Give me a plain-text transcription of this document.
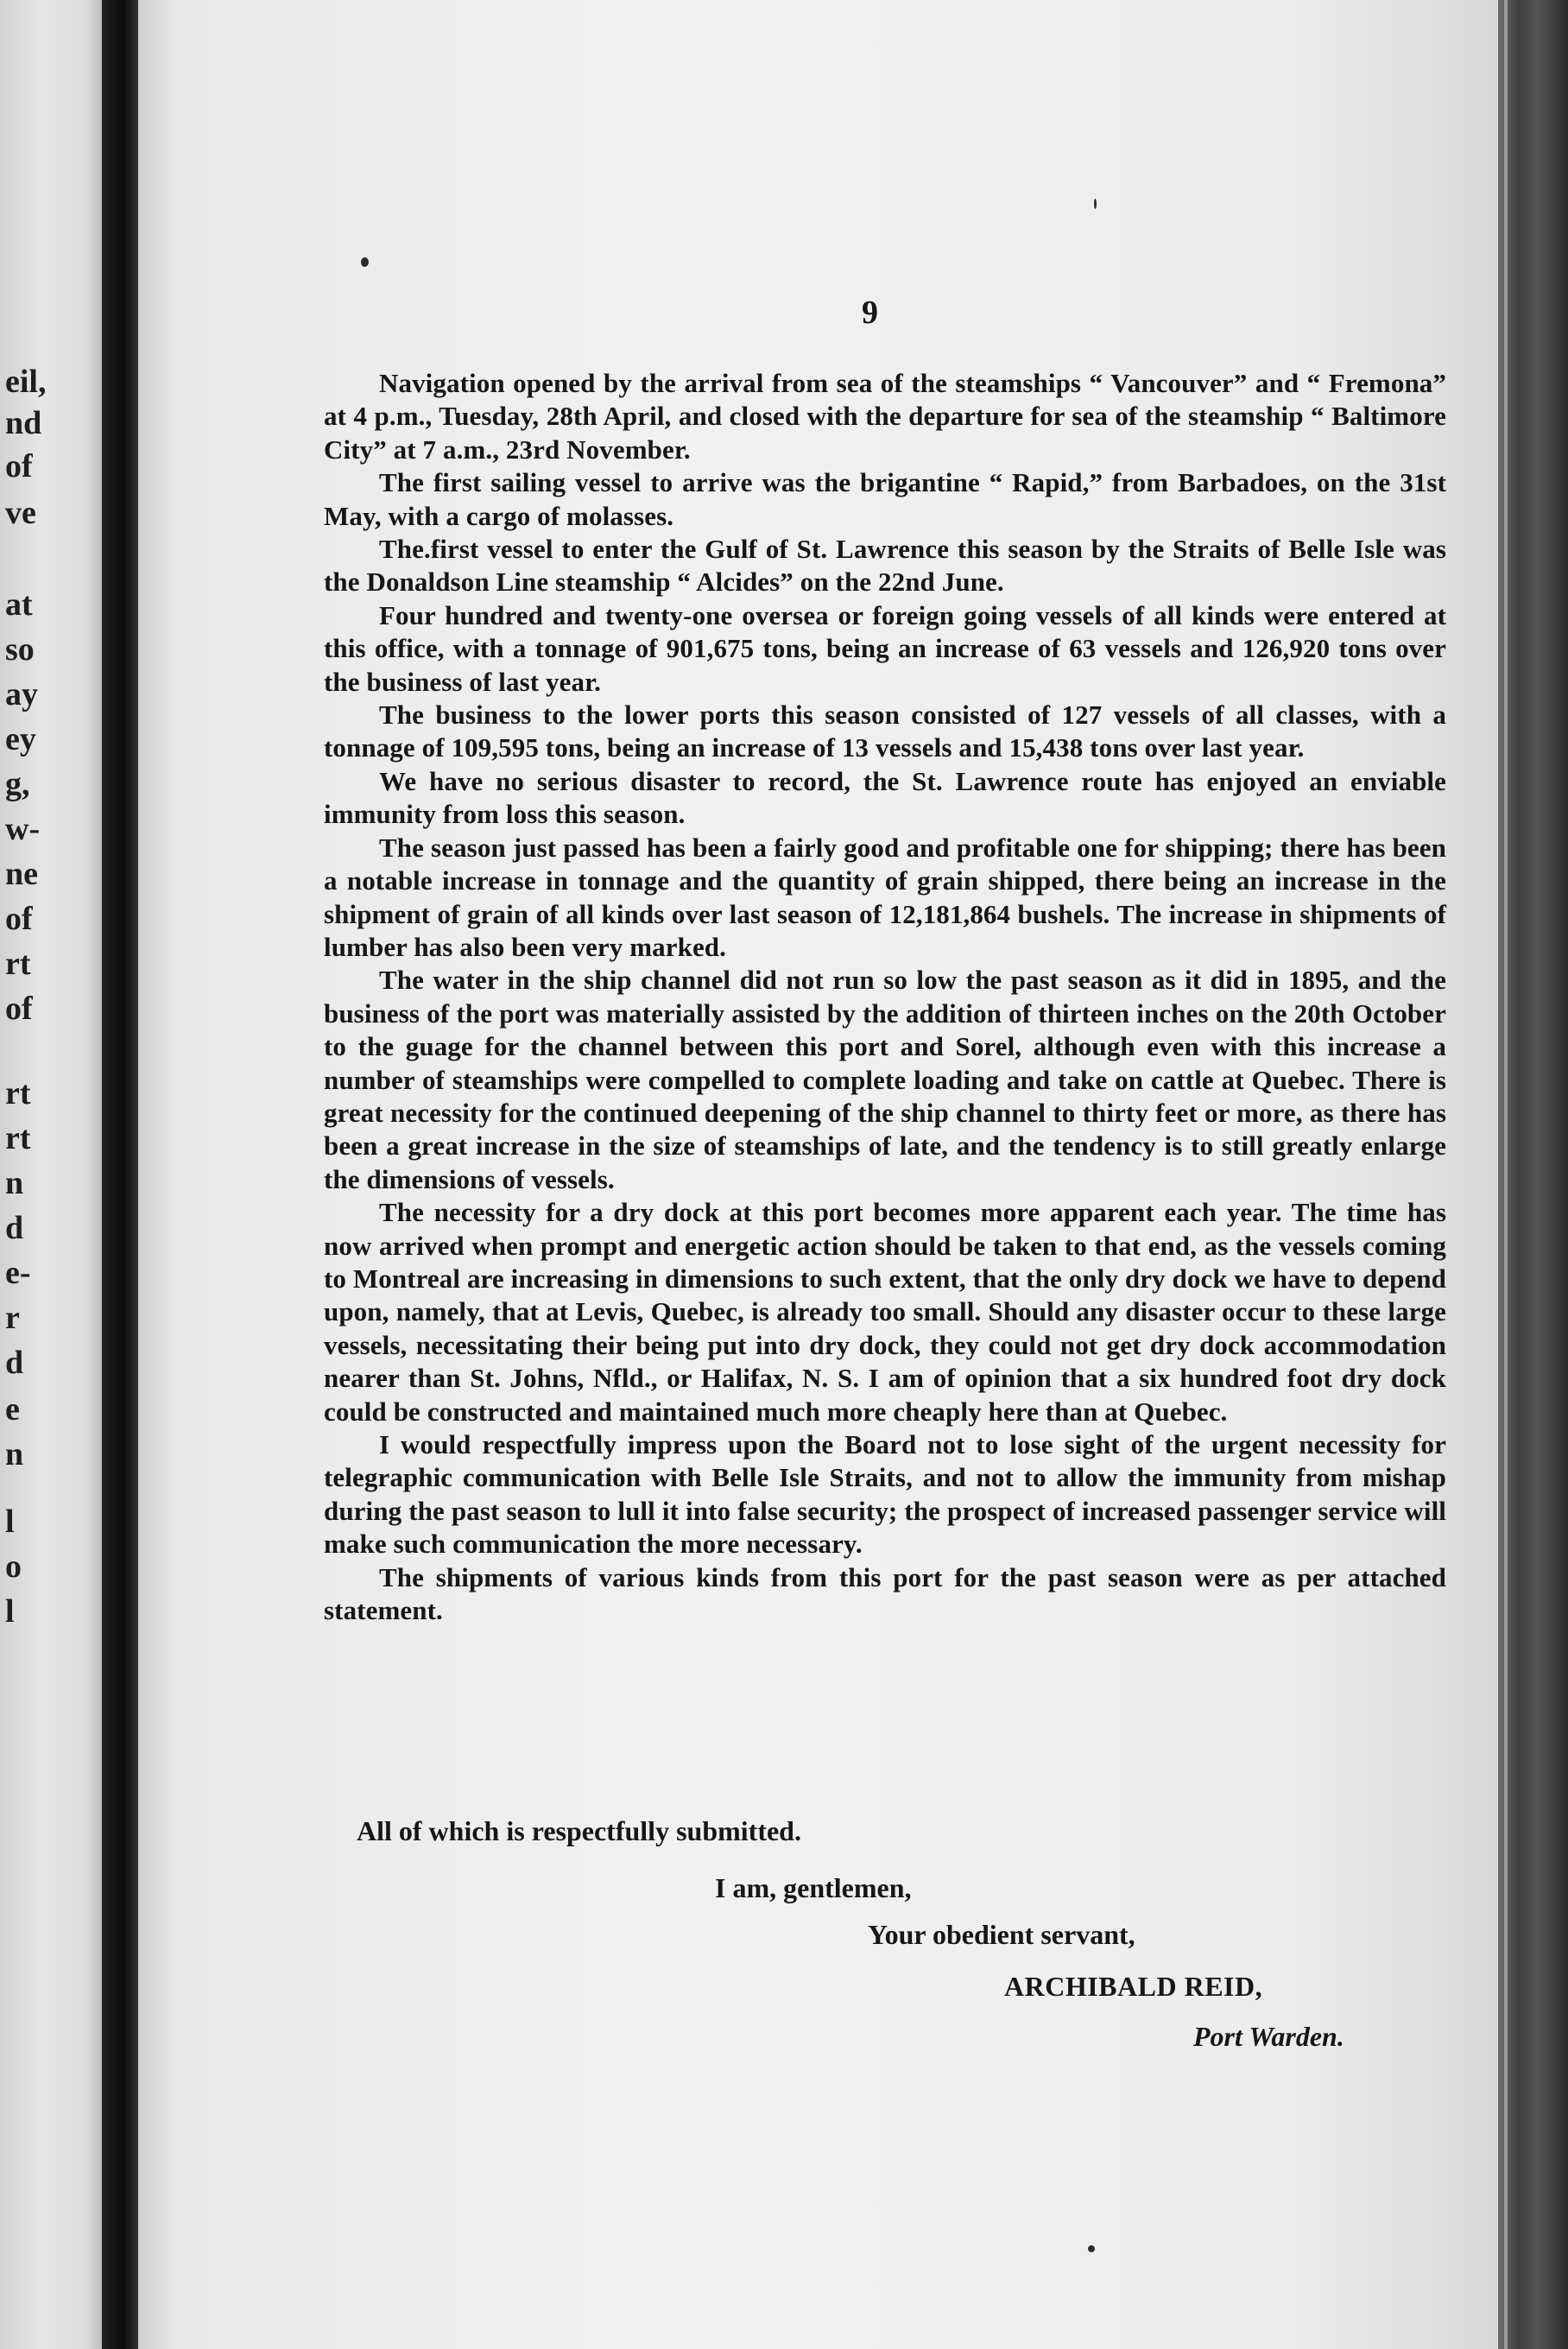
eil,
nd
of
ve
at
so
ay
ey
g,
w-
ne
of
rt
of
rt
rt
n
d
e-
r
d
e
n
l
o
l
9

Navigation opened by the arrival from sea of the steamships “ Vancouver” and “ Fremona” at 4 p.m., Tuesday, 28th April, and closed with the departure for sea of the steamship “ Baltimore City” at 7 a.m., 23rd November.

The first sailing vessel to arrive was the brigantine “ Rapid,” from Barbadoes, on the 31st May, with a cargo of molasses.

The.first vessel to enter the Gulf of St. Lawrence this season by the Straits of Belle Isle was the Donaldson Line steamship “ Alcides” on the 22nd June.

Four hundred and twenty-one oversea or foreign going vessels of all kinds were entered at this office, with a tonnage of 901,675 tons, being an increase of 63 vessels and 126,920 tons over the business of last year.

The business to the lower ports this season consisted of 127 vessels of all classes, with a tonnage of 109,595 tons, being an increase of 13 vessels and 15,438 tons over last year.

We have no serious disaster to record, the St. Lawrence route has enjoyed an enviable immunity from loss this season.

The season just passed has been a fairly good and profitable one for shipping; there has been a notable increase in tonnage and the quantity of grain shipped, there being an increase in the shipment of grain of all kinds over last season of 12,181,864 bushels. The increase in shipments of lumber has also been very marked.

The water in the ship channel did not run so low the past season as it did in 1895, and the business of the port was materially assisted by the addition of thirteen inches on the 20th October to the guage for the channel between this port and Sorel, although even with this increase a number of steamships were compelled to complete loading and take on cattle at Quebec. There is great necessity for the continued deepening of the ship channel to thirty feet or more, as there has been a great increase in the size of steamships of late, and the tendency is to still greatly enlarge the dimensions of vessels.

The necessity for a dry dock at this port becomes more apparent each year. The time has now arrived when prompt and energetic action should be taken to that end, as the vessels coming to Montreal are increasing in dimensions to such extent, that the only dry dock we have to depend upon, namely, that at Levis, Quebec, is already too small. Should any disaster occur to these large vessels, necessitating their being put into dry dock, they could not get dry dock accommodation nearer than St. Johns, Nfld., or Halifax, N. S. I am of opinion that a six hundred foot dry dock could be constructed and maintained much more cheaply here than at Quebec.

I would respectfully impress upon the Board not to lose sight of the urgent necessity for telegraphic communication with Belle Isle Straits, and not to allow the immunity from mishap during the past season to lull it into false security; the prospect of increased passenger service will make such communication the more necessary.

The shipments of various kinds from this port for the past season were as per attached statement.

All of which is respectfully submitted.
I am, gentlemen,
Your obedient servant,
ARCHIBALD REID,
Port Warden.
